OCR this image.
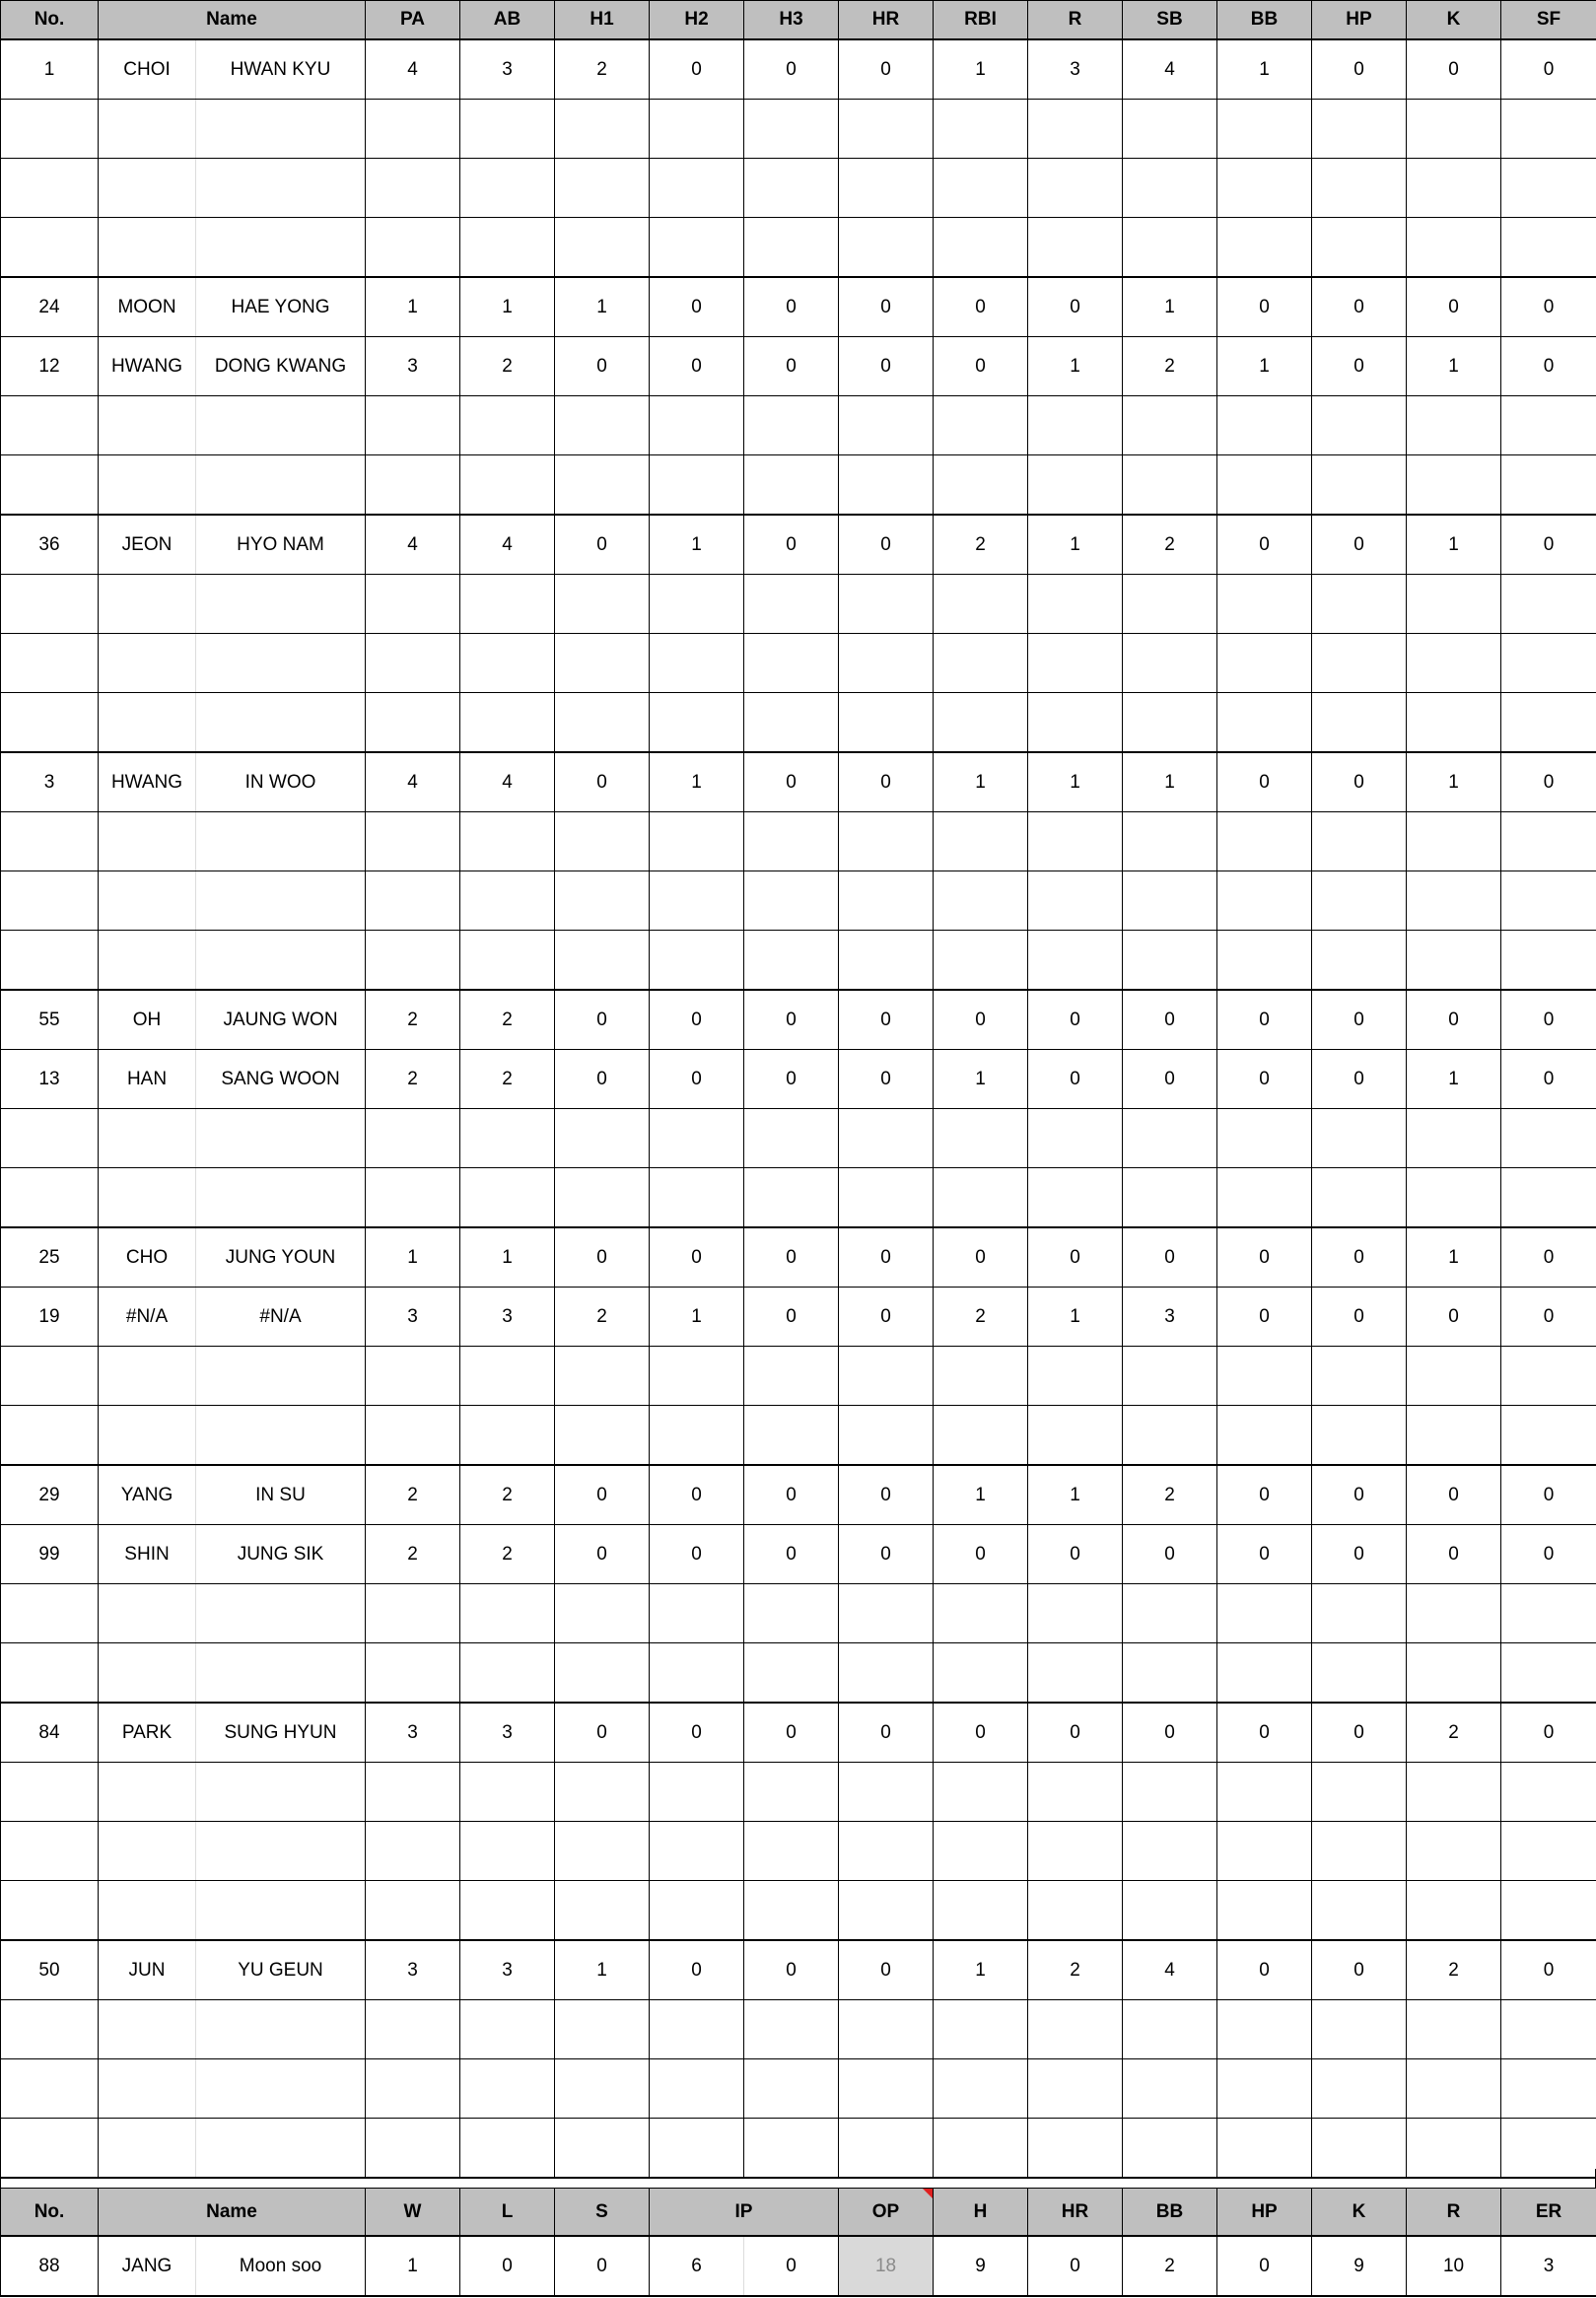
No.	Name		PA	AB	H1	H2	H3	HR	RBI	R	SB	BB	HP	K	SF
1	CHOI	HWAN KYU	4	3	2	0	0	0	1	3	4	1	0	0	0

24	MOON	HAE YONG	1	1	1	0	0	0	0	0	1	0	0	0	0
12	HWANG	DONG KWANG	3	2	0	0	0	0	0	1	2	1	0	1	0

36	JEON	HYO NAM	4	4	0	1	0	0	2	1	2	0	0	1	0

3	HWANG	IN WOO	4	4	0	1	0	0	1	1	1	0	0	1	0

55	OH	JAUNG WON	2	2	0	0	0	0	0	0	0	0	0	0	0
13	HAN	SANG WOON	2	2	0	0	0	0	1	0	0	0	0	1	0

25	CHO	JUNG YOUN	1	1	0	0	0	0	0	0	0	0	0	1	0
19	#N/A	#N/A	3	3	2	1	0	0	2	1	3	0	0	0	0

29	YANG	IN SU	2	2	0	0	0	0	1	1	2	0	0	0	0
99	SHIN	JUNG SIK	2	2	0	0	0	0	0	0	0	0	0	0	0

84	PARK	SUNG HYUN	3	3	0	0	0	0	0	0	0	0	0	2	0

50	JUN	YU GEUN	3	3	1	0	0	0	1	2	4	0	0	2	0

No.	Name		W	L	S	IP		OP	H	HR	BB	HP	K	R	ER
88	JANG	Moon soo	1	0	0	6	0	18	9	0	2	0	9	10	3
